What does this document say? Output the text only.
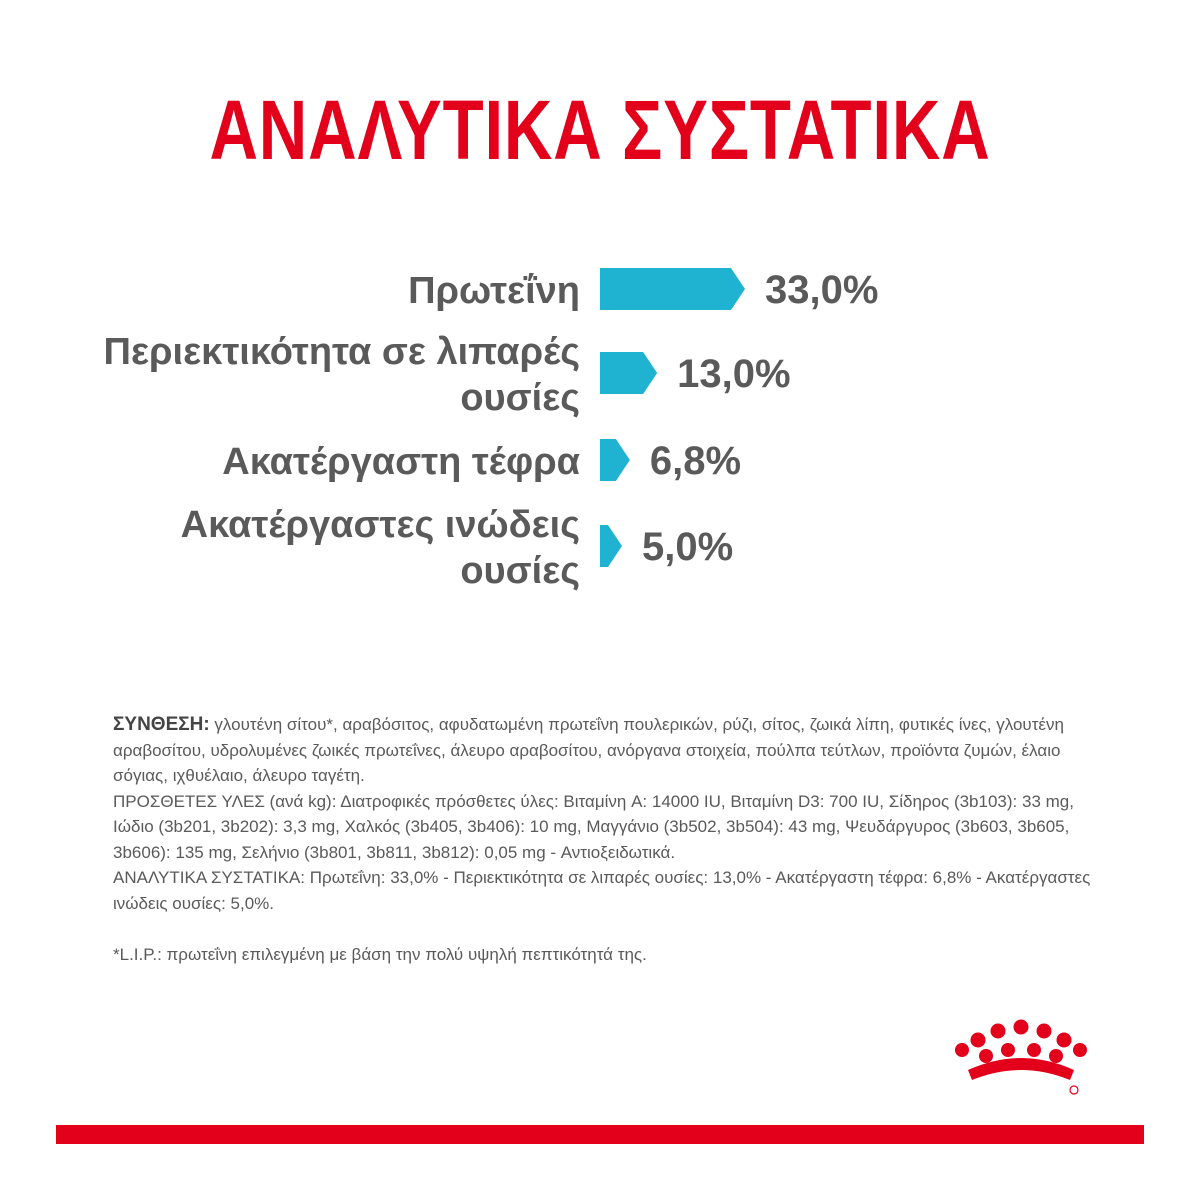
ΑΝΑΛΥΤΙΚΑ ΣΥΣΤΑΤΙΚΑ
33,0%
Πρωτεΐνη
13,0%
Περιεκτικότητα σε λιπαρές
ουσίες
6,8%
Ακατέργαστη τέφρα
5,0%
Ακατέργαστες ινώδεις
ουσίες

ΣΥΝΘΕΣΗ: γλουτένη σίτου*, αραβόσιτος, αφυδατωμένη πρωτεΐνη πουλερικών, ρύζι, σίτος, ζωικά λίπη, φυτικές ίνες, γλουτένη αραβοσίτου, υδρολυμένες ζωικές πρωτεΐνες, άλευρο αραβοσίτου, ανόργανα στοιχεία, πούλπα τεύτλων, προϊόντα ζυμών, έλαιο σόγιας, ιχθυέλαιο, άλευρο ταγέτη.

ΠΡΟΣΘΕΤΕΣ ΥΛΕΣ (ανά kg): Διατροφικές πρόσθετες ύλες: Βιταμίνη A: 14000 IU, Βιταμίνη D3: 700 IU, Σίδηρος (3b103): 33 mg, Ιώδιο (3b201, 3b202): 3,3 mg, Χαλκός (3b405, 3b406): 10 mg, Μαγγάνιο (3b502, 3b504): 43 mg, Ψευδάργυρος (3b603, 3b605, 3b606): 135 mg, Σελήνιο (3b801, 3b811, 3b812): 0,05 mg - Αντιοξειδωτικά.

ΑΝΑΛΥΤΙΚΑ ΣΥΣΤΑΤΙΚΑ: Πρωτεΐνη: 33,0% - Περιεκτικότητα σε λιπαρές ουσίες: 13,0% - Ακατέργαστη τέφρα: 6,8% - Ακατέργαστες ινώδεις ουσίες: 5,0%.

*L.I.P.: πρωτεΐνη επιλεγμένη με βάση την πολύ υψηλή πεπτικότητά της.
